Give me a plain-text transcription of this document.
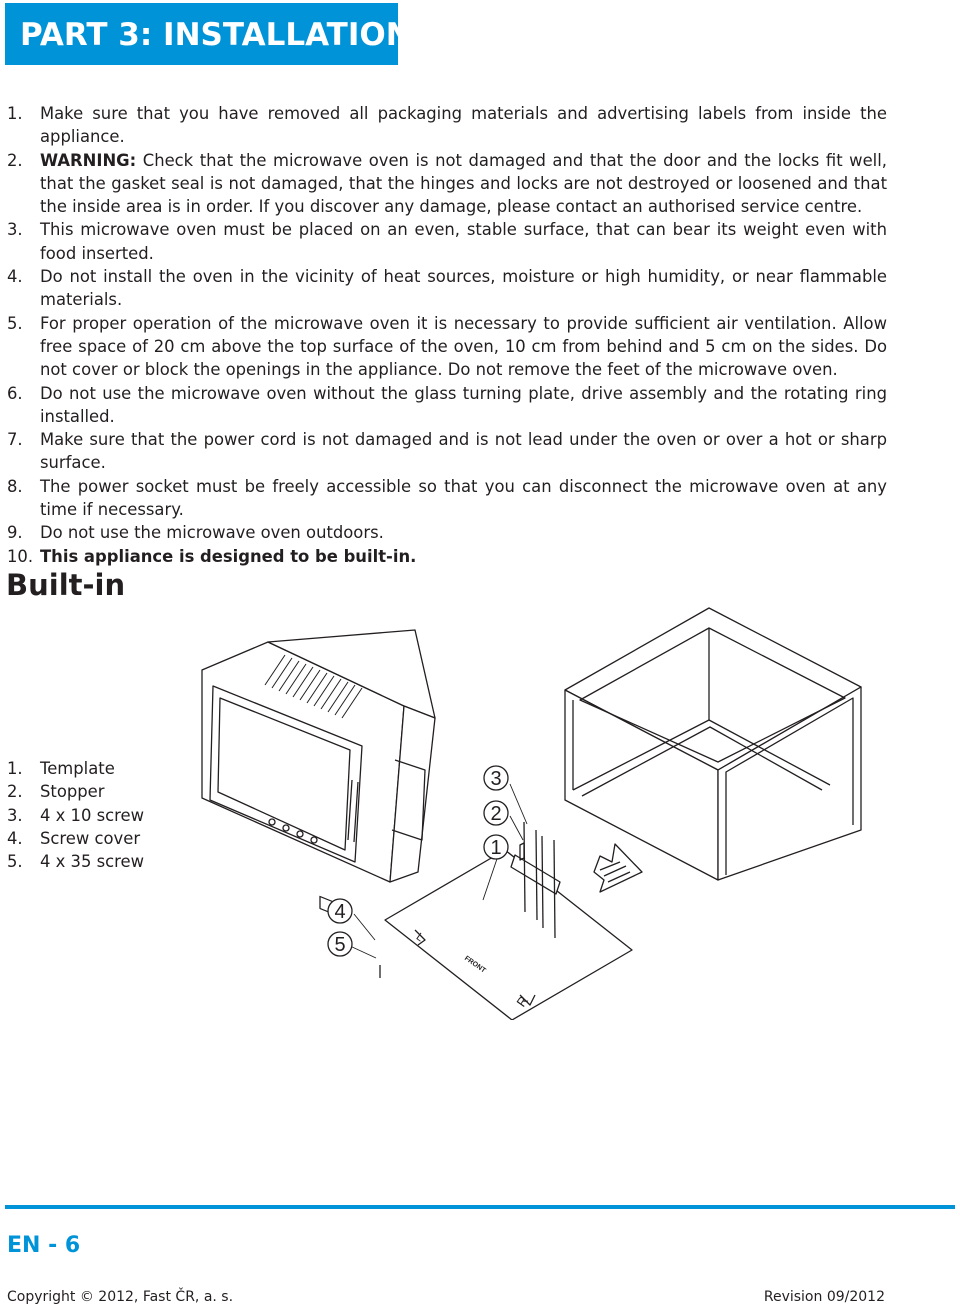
PART 3: INSTALLATION
1. Make sure that you have removed all packaging materials and advertising labels from inside the appliance.
2. WARNING: Check that the microwave oven is not damaged and that the door and the locks fit well, that the gasket seal is not damaged, that the hinges and locks are not destroyed or loosened and that the inside area is in order. If you discover any damage, please contact an authorised service centre.
3. This microwave oven must be placed on an even, stable surface, that can bear its weight even with food inserted.
4. Do not install the oven in the vicinity of heat sources, moisture or high humidity, or near flammable materials.
5. For proper operation of the microwave oven it is necessary to provide sufficient air ventilation. Allow free space of 20 cm above the top surface of the oven, 10 cm from behind and 5 cm on the sides. Do not cover or block the openings in the appliance. Do not remove the feet of the microwave oven.
6. Do not use the microwave oven without the glass turning plate, drive assembly and the rotating ring installed.
7. Make sure that the power cord is not damaged and is not lead under the oven or over a hot or sharp surface.
8. The power socket must be freely accessible so that you can disconnect the microwave oven at any time if necessary.
9. Do not use the microwave oven outdoors.
10. This appliance is designed to be built-in.
Built-in
1. Template
2. Stopper
3. 4 x 10 screw
4. Screw cover
5. 4 x 35 screw
3
2
1
4
5	L
FRONT
R
EN - 6
Copyright © 2012, Fast ČR, a. s.	Revision 09/2012
